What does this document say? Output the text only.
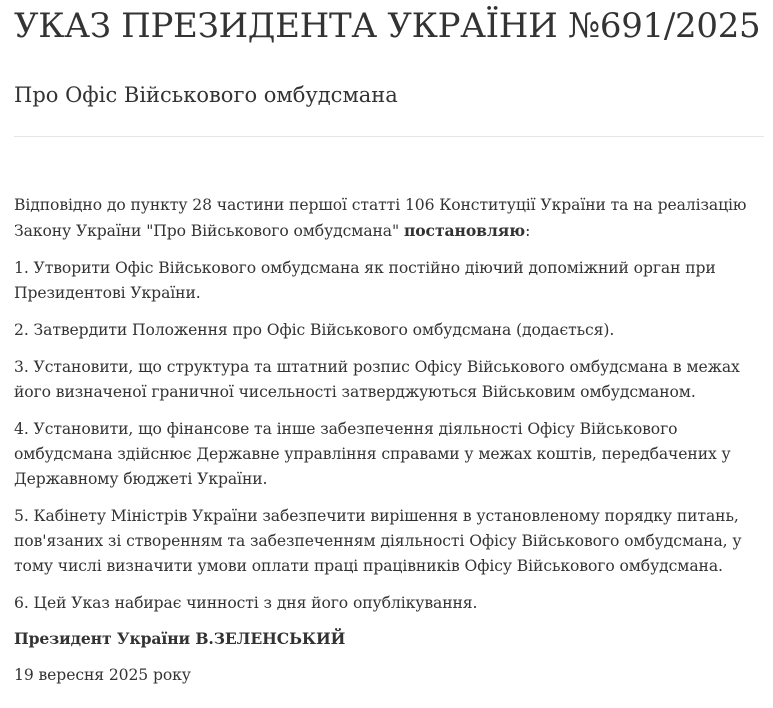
УКАЗ ПРЕЗИДЕНТА УКРАЇНИ №691/2025
Про Офіс Військового омбудсмана

Відповідно до пункту 28 частини першої статті 106 Конституції України та на реалізацію Закону України "Про Військового омбудсмана" постановляю:

1. Утворити Офіс Військового омбудсмана як постійно діючий допоміжний орган при Президентові України.

2. Затвердити Положення про Офіс Військового омбудсмана (додається).

3. Установити, що структура та штатний розпис Офісу Військового омбудсмана в межах його визначеної граничної чисельності затверджуються Військовим омбудсманом.

4. Установити, що фінансове та інше забезпечення діяльності Офісу Військового омбудсмана здійснює Державне управління справами у межах коштів, передбачених у Державному бюджеті України.

5. Кабінету Міністрів України забезпечити вирішення в установленому порядку питань, пов'язаних зі створенням та забезпеченням діяльності Офісу Військового омбудсмана, у тому числі визначити умови оплати праці працівників Офісу Військового омбудсмана.

6. Цей Указ набирає чинності з дня його опублікування.

Президент України В.ЗЕЛЕНСЬКИЙ

19 вересня 2025 року
